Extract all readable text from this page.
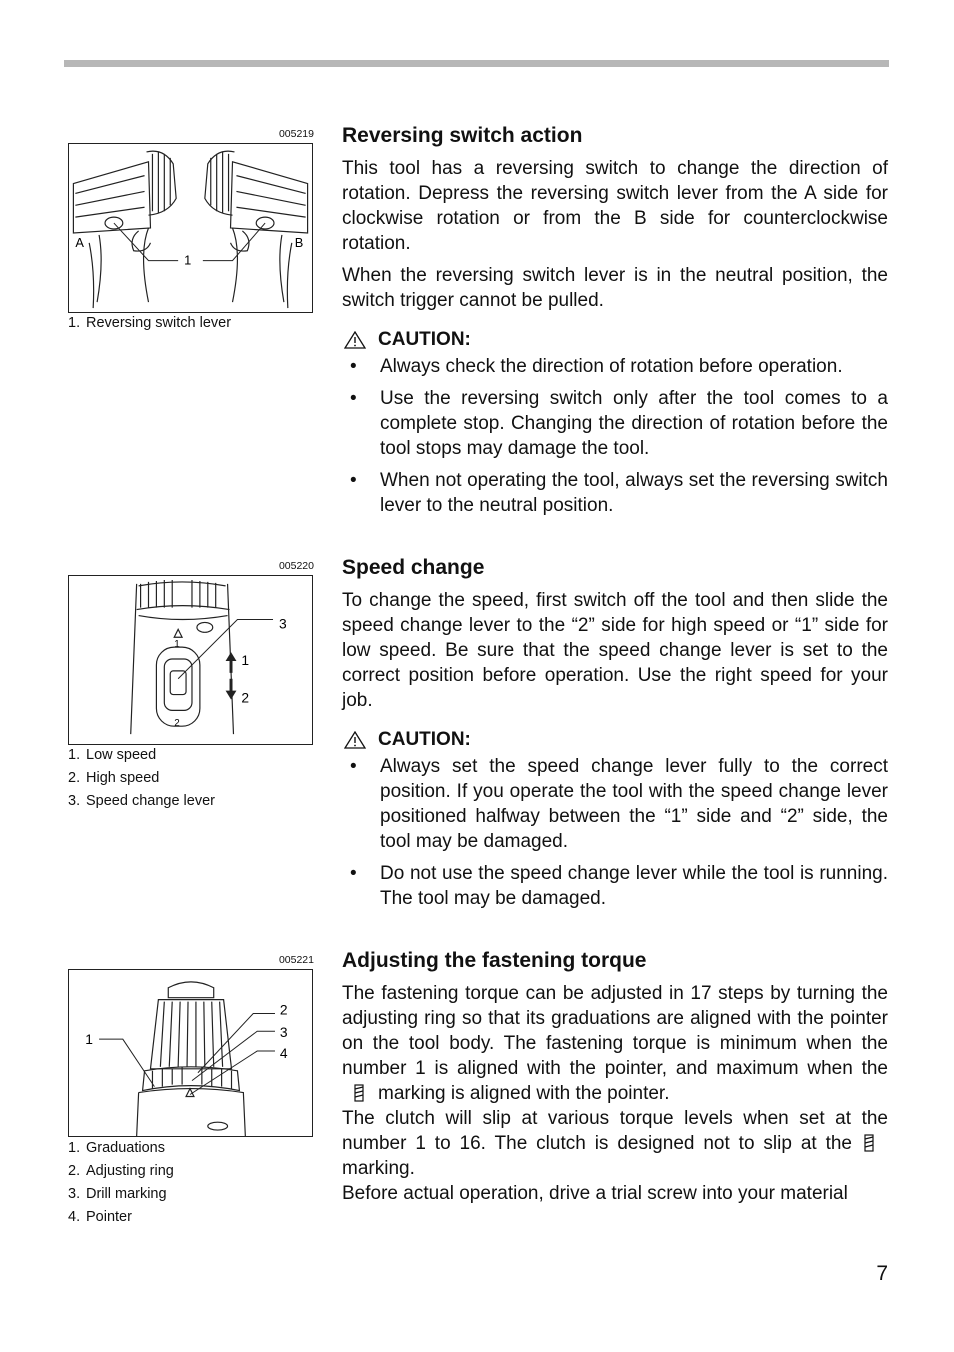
005219
A
1
B
1. Reversing switch lever
005220
3
1
2
1
2
1. Low speed
2. High speed
3. Speed change lever
005221
1
2
3
4
1. Graduations
2. Adjusting ring
3. Drill marking
4. Pointer
Reversing switch action

This tool has a reversing switch to change the direction of rotation. Depress the reversing switch lever from the A side for clockwise rotation or from the B side for counterclockwise rotation.

When the reversing switch lever is in the neutral position, the switch trigger cannot be pulled.

CAUTION:
• Always check the direction of rotation before operation.
• Use the reversing switch only after the tool comes to a complete stop. Changing the direction of rotation before the tool stops may damage the tool.
• When not operating the tool, always set the reversing switch lever to the neutral position.
Speed change

To change the speed, first switch off the tool and then slide the speed change lever to the “2” side for high speed or “1” side for low speed. Be sure that the speed change lever is set to the correct position before operation. Use the right speed for your job.

CAUTION:
• Always set the speed change lever fully to the correct position. If you operate the tool with the speed change lever positioned halfway between the “1” side and “2” side, the tool may be damaged.
• Do not use the speed change lever while the tool is running. The tool may be damaged.
Adjusting the fastening torque

The fastening torque can be adjusted in 17 steps by turning the adjusting ring so that its graduations are aligned with the pointer on the tool body. The fastening torque is minimum when the number 1 is aligned with the pointer, and maximum when themarking is aligned with the pointer.

The clutch will slip at various torque levels when set at the number 1 to 16. The clutch is designed not to slip at themarking.

Before actual operation, drive a trial screw into your material

7
